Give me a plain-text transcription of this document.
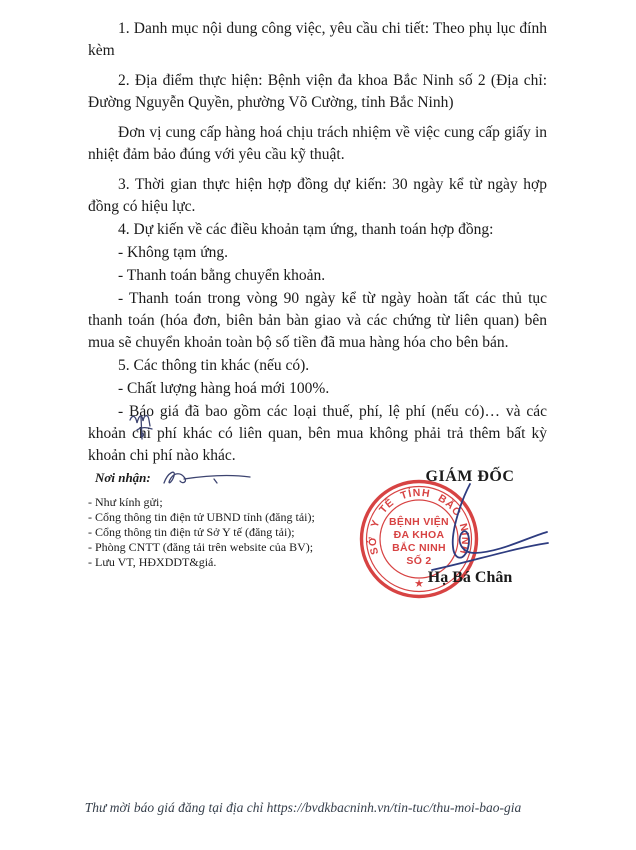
1. Danh mục nội dung công việc, yêu cầu chi tiết: Theo phụ lục đính kèm

2. Địa điểm thực hiện: Bệnh viện đa khoa Bắc Ninh số 2 (Địa chỉ: Đường Nguyễn Quyền, phường Võ Cường, tỉnh Bắc Ninh)

Đơn vị cung cấp hàng hoá chịu trách nhiệm về việc cung cấp giấy in nhiệt đảm bảo đúng với yêu cầu kỹ thuật.

3. Thời gian thực hiện hợp đồng dự kiến: 30 ngày kể từ ngày hợp đồng có hiệu lực.

4. Dự kiến về các điều khoản tạm ứng, thanh toán hợp đồng:

- Không tạm ứng.

- Thanh toán bằng chuyển khoản.

- Thanh toán trong vòng 90 ngày kể từ ngày hoàn tất các thủ tục thanh toán (hóa đơn, biên bản bàn giao và các chứng từ liên quan) bên mua sẽ chuyển khoản toàn bộ số tiền đã mua hàng hóa cho bên bán.

5. Các thông tin khác (nếu có).

- Chất lượng hàng hoá mới 100%.

- Báo giá đã bao gồm các loại thuế, phí, lệ phí (nếu có)… và các khoản chi phí khác có liên quan, bên mua không phải trả thêm bất kỳ khoản chi phí nào khác.

Nơi nhận:
- Như kính gửi;
- Cổng thông tin điện tử UBND tỉnh (đăng tải);
- Cổng thông tin điện tử Sở Y tế (đăng tải);
- Phòng CNTT (đăng tải trên website của BV);
- Lưu VT, HĐXDDT&giá.
GIÁM ĐỐC
SỞ Y TẾ TỈNH BẮC NINH
BỆNH VIỆN
ĐA KHOA
BẮC NINH
SỐ 2
★ Hạ Bá Chân
Thư mời báo giá đăng tại địa chỉ https://bvdkbacninh.vn/tin-tuc/thu-moi-bao-gia
